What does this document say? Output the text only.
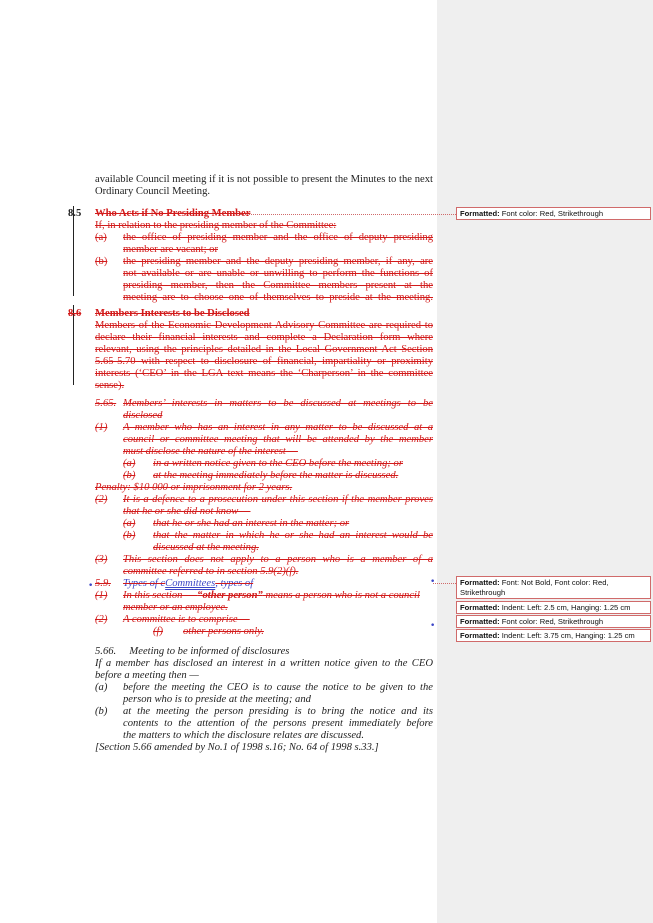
available Council meeting if it is not possible to present the Minutes to the next
Ordinary Council Meeting.
8.5 Who Acts if No Presiding Member
If, in relation to the presiding member of the Committee:
(a) the office of presiding member and the office of deputy presiding
member are vacant; or
(b) the presiding member and the deputy presiding member, if any, are
not available or are unable or unwilling to perform the functions of
presiding member, then the Committee members present at the
meeting are to choose one of themselves to preside at the meeting.
8.6 Members Interests to be Disclosed
Members of the Economic Development Advisory Committee are required to
declare their financial interests and complete a Declaration form where
relevant, using the principles detailed in the Local Government Act Section
5.65-5.70 with respect to disclosure of financial, impartiality or proximity
interests (‘CEO’ in the LGA text means the ‘Charperson’ in the committee
sense).
5.65. Members’ interests in matters to be discussed at meetings to be
disclosed
(1) A member who has an interest in any matter to be discussed at a
council or committee meeting that will be attended by the member
must disclose the nature of the interest —
(a) in a written notice given to the CEO before the meeting; or
(b) at the meeting immediately before the matter is discussed.
Penalty: $10 000 or imprisonment for 2 years.
(2) It is a defence to a prosecution under this section if the member proves
that he or she did not know —
(a) that he or she had an interest in the matter; or
(b) that the matter in which he or she had an interest would be
discussed at the meeting.
(3) This section does not apply to a person who is a member of a
committee referred to in section 5.9(2)(f).
• 5.9. Types of cCommittees, types of
(1) In this section — “other person” means a person who is not a council
member or an employee.
(2) A committee is to comprise —
(f) other persons only.
5.66.     Meeting to be informed of disclosures
If a member has disclosed an interest in a written notice given to the CEO
before a meeting then —
(a) before the meeting the CEO is to cause the notice to be given to the
person who is to preside at the meeting; and
(b) at the meeting the person presiding is to bring the notice and its
contents to the attention of the persons present immediately before
the matters to which the disclosure relates are discussed.
[Section 5.66 amended by No.1 of 1998 s.16; No. 64 of 1998 s.33.]
•
•
Formatted: Font color: Red, Strikethrough
Formatted: Font: Not Bold, Font color: Red,
Strikethrough
Formatted: Indent: Left: 2.5 cm, Hanging: 1.25 cm
Formatted: Font color: Red, Strikethrough
Formatted: Indent: Left: 3.75 cm, Hanging: 1.25 cm
